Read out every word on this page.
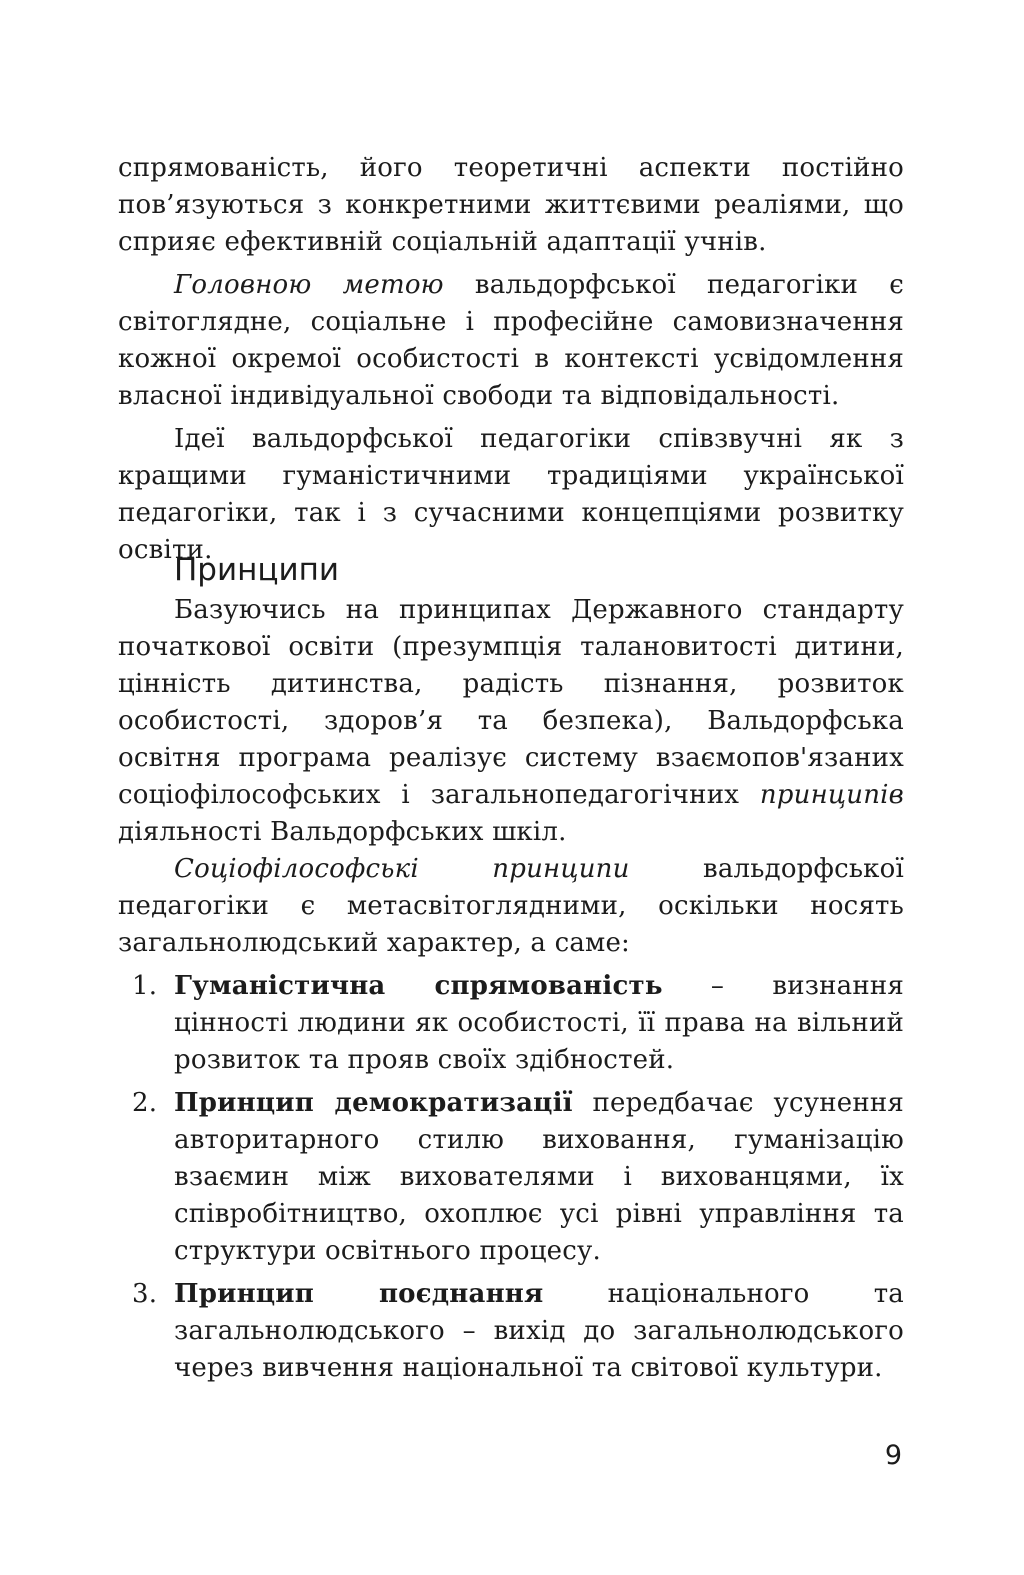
спрямованість, його теоретичні аспекти постійно пов’язуються з конкретними життєвими реаліями, що сприяє ефективній соціальній адаптації учнів.

Головною метою вальдорфської педагогіки є світоглядне, соціальне і професійне самовизначення кожної окремої особистості в контексті усвідомлення власної індивідуальної свободи та відповідальності.

Ідеї вальдорфської педагогіки співзвучні як з кращими гуманістичними традиціями української педагогіки, так і з сучасними концепціями розвитку освіти.

Принципи

Базуючись на принципах Державного стандарту початкової освіти (презумпція талановитості дитини, цінність дитинства, радість пізнання, розвиток особистості, здоров’я та безпека), Вальдорфська освітня програма реалізує систему взаємопов'язаних соціофілософських і загальнопедагогічних принципів діяльності Вальдорфських шкіл.

Соціофілософські принципи вальдорфської педагогіки є метасвітоглядними, оскільки носять загальнолюдський характер, а саме:

1. Гуманістична спрямованість – визнання цінності людини як особистості, її права на вільний розвиток та прояв своїх здібностей.
2. Принцип демократизації передбачає усунення авторитарного стилю виховання, гуманізацію взаємин між вихователями і вихованцями, їх співробітництво, охоплює усі рівні управління та структури освітнього процесу.
3. Принцип поєднання національного та загальнолюдського – вихід до загальнолюдського через вивчення національної та світової культури.
9
